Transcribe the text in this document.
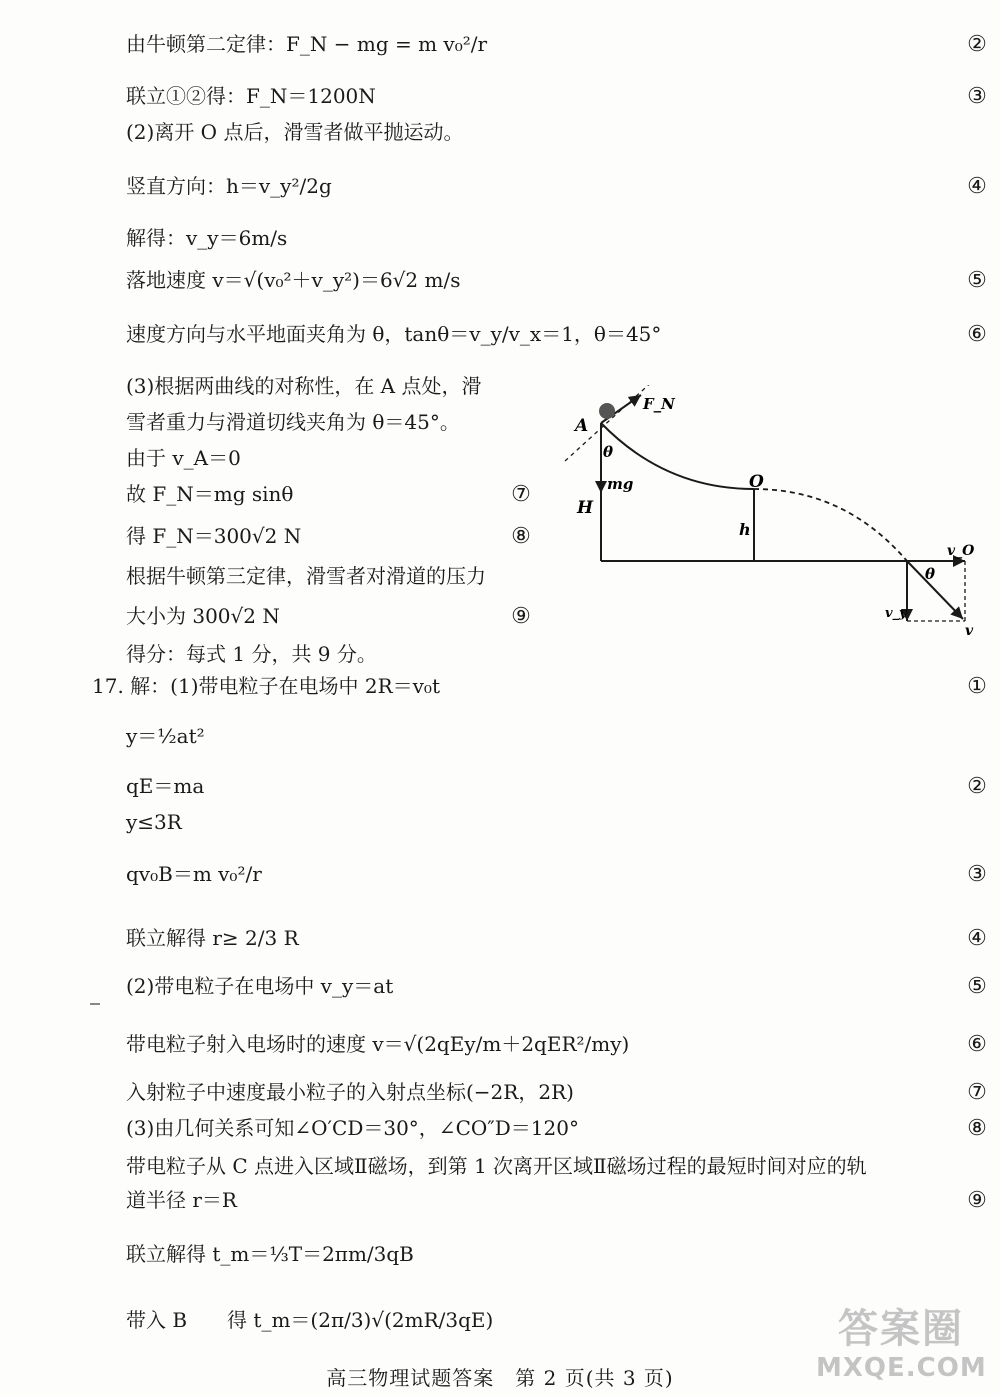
由牛顿第二定律：F_N − mg = m v₀²/r	②
联立①②得：F_N＝1200N	③
(2)离开 O 点后，滑雪者做平抛运动。
竖直方向：h＝v_y²/2g	④
解得：v_y＝6m/s
落地速度 v＝√(v₀²＋v_y²)＝6√2 m/s	⑤
速度方向与水平地面夹角为 θ，tanθ＝v_y/v_x＝1，θ＝45°	⑥
(3)根据两曲线的对称性，在 A 点处，滑
雪者重力与滑道切线夹角为 θ＝45°。
由于 v_A＝0
故 F_N＝mg sinθ	⑦
得 F_N＝300√2 N	⑧
根据牛顿第三定律，滑雪者对滑道的压力
大小为 300√2 N	⑨
得分：每式 1 分，共 9 分。
17. 解：(1)带电粒子在电场中 2R＝v₀t	①
y＝½at²
qE＝ma	②
y≤3R
qv₀B＝m v₀²/r	③
联立解得 r≥ 2/3 R	④
(2)带电粒子在电场中 v_y＝at	⑤
带电粒子射入电场时的速度 v＝√(2qEy/m＋2qER²/my)	⑥
入射粒子中速度最小粒子的入射点坐标(−2R，2R)	⑦
(3)由几何关系可知∠O′CD＝30°，∠CO″D＝120°	⑧
带电粒子从 C 点进入区域Ⅱ磁场，到第 1 次离开区域Ⅱ磁场过程的最短时间对应的轨
道半径 r＝R	⑨
联立解得 t_m＝⅓T＝2πm/3qB
带入 B　　得 t_m＝(2π/3)√(2mR/3qE)
A
F_N
θ
mg
H
O
h
v_O
θ
v_y
v
答案圈
MXQE.COM
高三物理试题答案　第 2 页(共 3 页)
